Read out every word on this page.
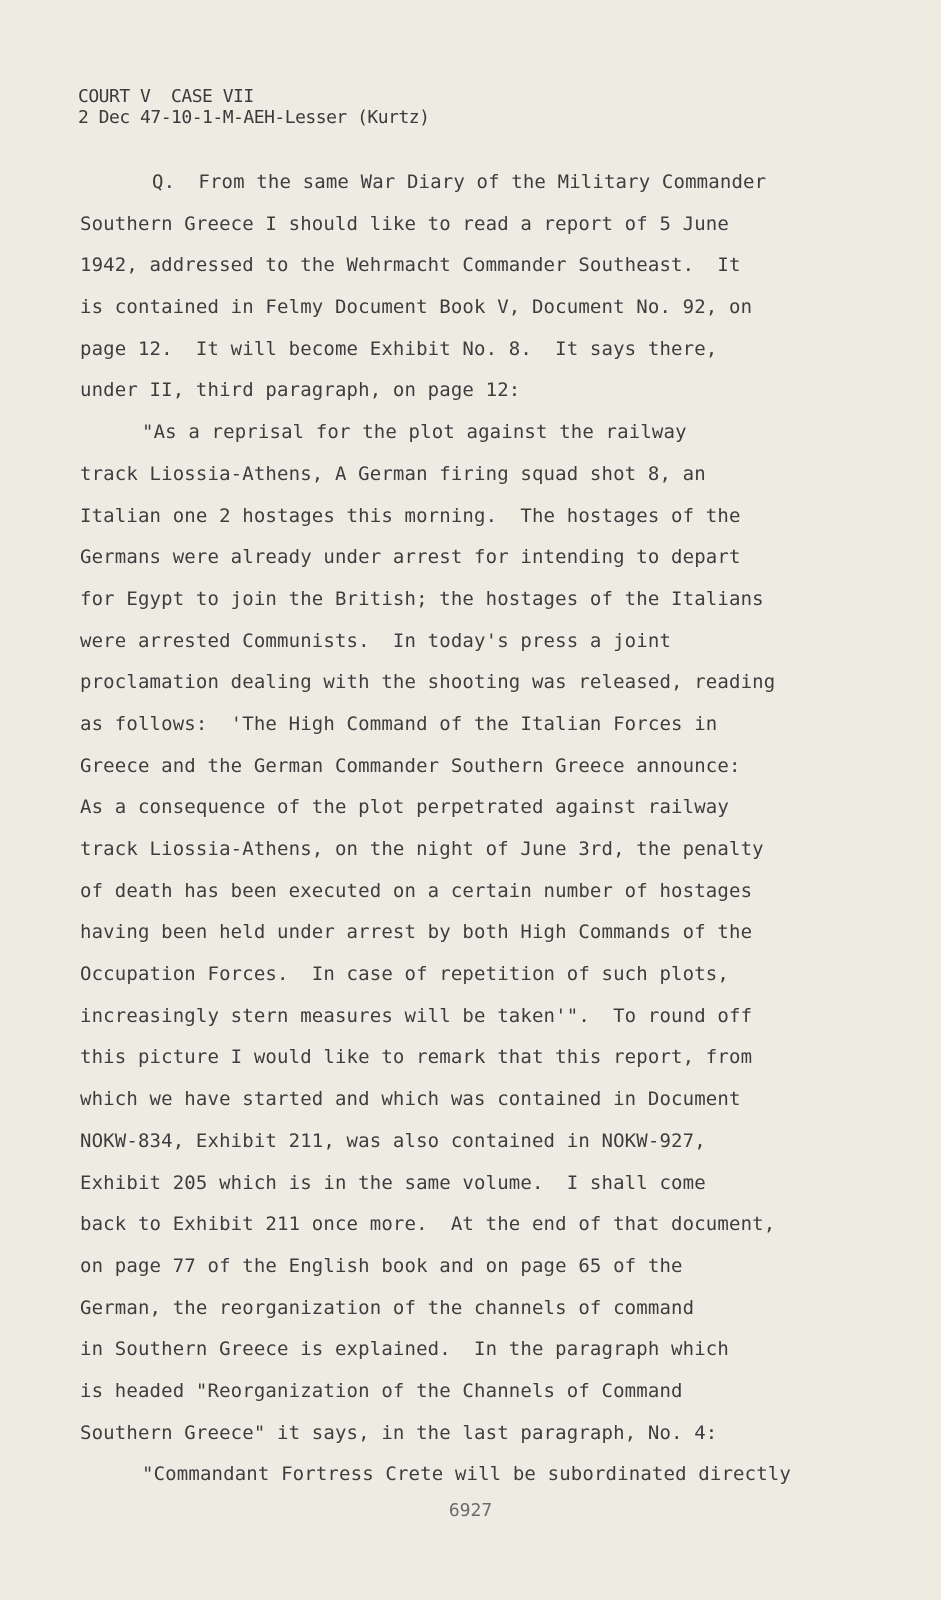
COURT V  CASE VII
2 Dec 47-10-1-M-AEH-Lesser (Kurtz)
Q.  From the same War Diary of the Military Commander
Southern Greece I should like to read a report of 5 June
1942, addressed to the Wehrmacht Commander Southeast.  It
is contained in Felmy Document Book V, Document No. 92, on
page 12.  It will become Exhibit No. 8.  It says there,
under II, third paragraph, on page 12:
"As a reprisal for the plot against the railway
track Liossia-Athens, A German firing squad shot 8, an
Italian one 2 hostages this morning.  The hostages of the
Germans were already under arrest for intending to depart
for Egypt to join the British; the hostages of the Italians
were arrested Communists.  In today's press a joint
proclamation dealing with the shooting was released, reading
as follows:  'The High Command of the Italian Forces in
Greece and the German Commander Southern Greece announce:
As a consequence of the plot perpetrated against railway
track Liossia-Athens, on the night of June 3rd, the penalty
of death has been executed on a certain number of hostages
having been held under arrest by both High Commands of the
Occupation Forces.  In case of repetition of such plots,
increasingly stern measures will be taken'".  To round off
this picture I would like to remark that this report, from
which we have started and which was contained in Document
NOKW-834, Exhibit 211, was also contained in NOKW-927,
Exhibit 205 which is in the same volume.  I shall come
back to Exhibit 211 once more.  At the end of that document,
on page 77 of the English book and on page 65 of the
German, the reorganization of the channels of command
in Southern Greece is explained.  In the paragraph which
is headed "Reorganization of the Channels of Command
Southern Greece" it says, in the last paragraph, No. 4:
"Commandant Fortress Crete will be subordinated directly
6927
